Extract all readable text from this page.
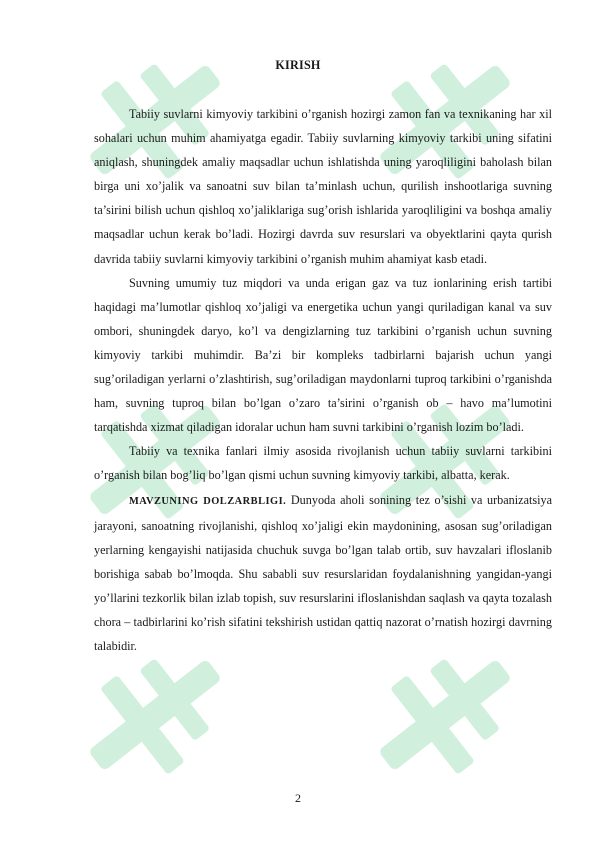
KIRISH

Tabiiy suvlarni kimyoviy tarkibini o’rganish hozirgi zamon fan va texnikaning har xil sohalari uchun muhim ahamiyatga egadir. Tabiiy suvlarning kimyoviy tarkibi uning sifatini aniqlash, shuningdek amaliy maqsadlar uchun ishlatishda uning yaroqliligini baholash bilan birga uni xo’jalik va sanoatni suv bilan ta’minlash uchun, qurilish inshootlariga suvning ta’sirini bilish uchun qishloq xo’jaliklariga sug’orish ishlarida yaroqliligini va boshqa amaliy maqsadlar uchun kerak bo’ladi. Hozirgi davrda suv resurslari va obyektlarini qayta qurish davrida tabiiy suvlarni kimyoviy tarkibini o’rganish muhim ahamiyat kasb etadi.

Suvning umumiy tuz miqdori va unda erigan gaz va tuz ionlarining erish tartibi haqidagi ma’lumotlar qishloq xo’jaligi va energetika uchun yangi quriladigan kanal va suv ombori, shuningdek daryo, ko’l va dengizlarning tuz tarkibini o’rganish uchun suvning kimyoviy tarkibi muhimdir. Ba’zi bir kompleks tadbirlarni bajarish uchun yangi sug’oriladigan yerlarni o’zlashtirish, sug’oriladigan maydonlarni tuproq tarkibini o’rganishda ham, suvning tuproq bilan bo’lgan o’zaro ta’sirini o’rganish ob – havo ma’lumotini tarqatishda xizmat qiladigan idoralar uchun ham suvni tarkibini o’rganish lozim bo’ladi.

Tabiiy va texnika fanlari ilmiy asosida rivojlanish uchun tabiiy suvlarni tarkibini o’rganish bilan bog’liq bo’lgan qismi uchun suvning kimyoviy tarkibi, albatta, kerak.

MAVZUNING DOLZARBLIGI. Dunyoda aholi sonining tez o’sishi va urbanizatsiya jarayoni, sanoatning rivojlanishi, qishloq xo’jaligi ekin maydonining, asosan sug’oriladigan yerlarning kengayishi natijasida chuchuk suvga bo’lgan talab ortib, suv havzalari ifloslanib borishiga sabab bo’lmoqda. Shu sababli suv resurslaridan foydalanishning yangidan-yangi yo’llarini tezkorlik bilan izlab topish, suv resurslarini ifloslanishdan saqlash va qayta tozalash chora – tadbirlarini ko’rish sifatini tekshirish ustidan qattiq nazorat o’rnatish hozirgi davrning talabidir.

2
